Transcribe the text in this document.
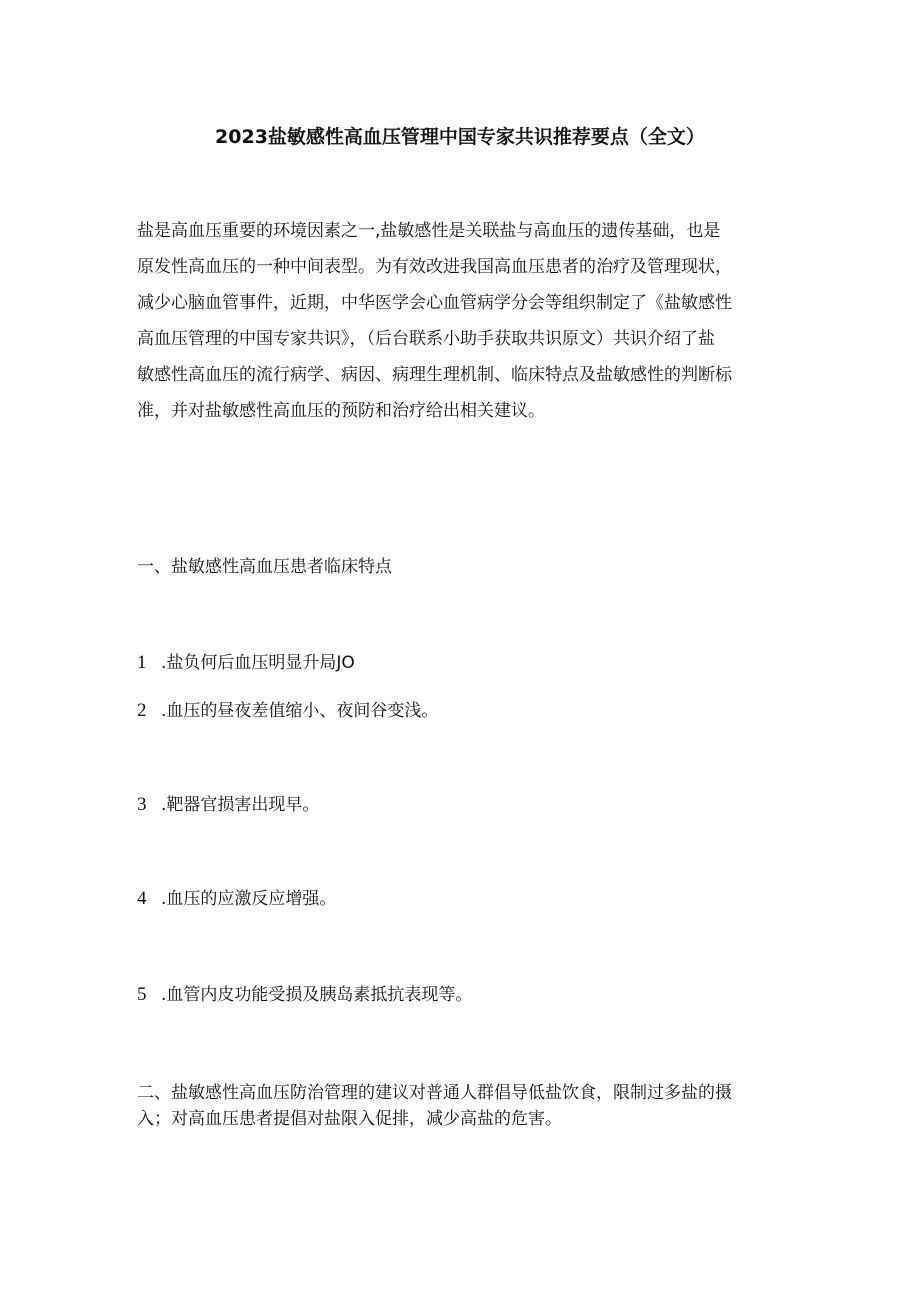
2023盐敏感性高血压管理中国专家共识推荐要点（全文）

盐是高血压重要的环境因素之一,盐敏感性是关联盐与高血压的遗传基础，也是
原发性高血压的一种中间表型。为有效改进我国高血压患者的治疗及管理现状，
减少心脑血管事件，近期，中华医学会心血管病学分会等组织制定了《盐敏感性
高血压管理的中国专家共识》，（后台联系小助手获取共识原文）共识介绍了盐
敏感性高血压的流行病学、病因、病理生理机制、临床特点及盐敏感性的判断标
准，并对盐敏感性高血压的预防和治疗给出相关建议。

一、盐敏感性高血压患者临床特点
1 .盐负何后血压明显升局JO
2 .血压的昼夜差值缩小、夜间谷变浅。
3 .靶器官损害出现早。
4 .血压的应激反应增强。
5 .血管内皮功能受损及胰岛素抵抗表现等。

二、盐敏感性高血压防治管理的建议对普通人群倡导低盐饮食，限制过多盐的摄
入；对高血压患者提倡对盐限入促排，减少高盐的危害。
